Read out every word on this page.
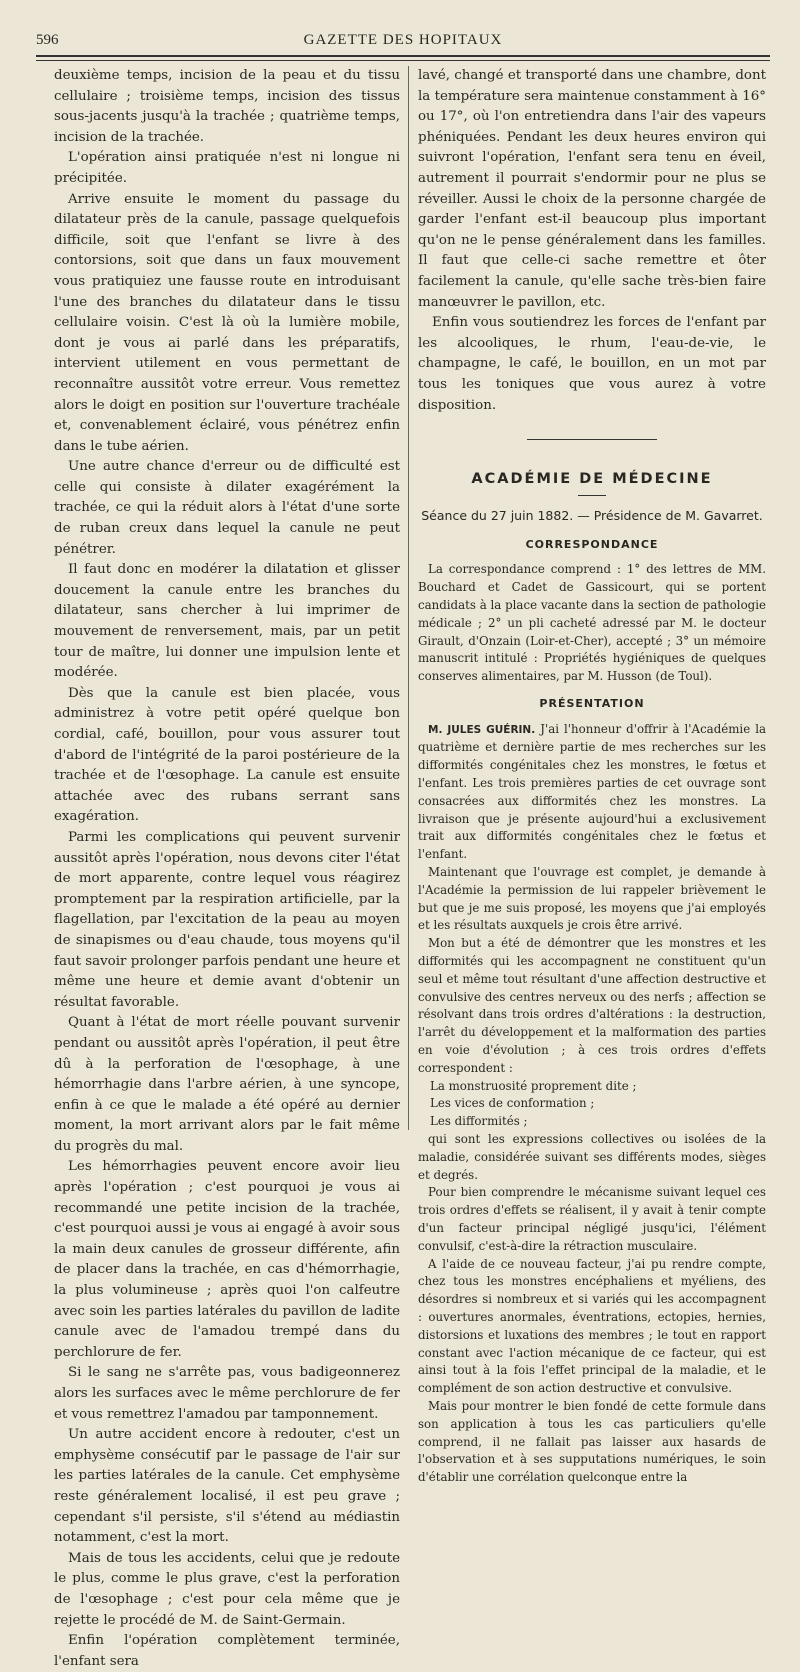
596	GAZETTE DES HOPITAUX

deuxième temps, incision de la peau et du tissu cellulaire ; troisième temps, incision des tissus sous-jacents jusqu'à la trachée ; quatrième temps, incision de la trachée.

L'opération ainsi pratiquée n'est ni longue ni précipitée.

Arrive ensuite le moment du passage du dilatateur près de la canule, passage quelquefois difficile, soit que l'enfant se livre à des contorsions, soit que dans un faux mouvement vous pratiquiez une fausse route en introduisant l'une des branches du dilatateur dans le tissu cellulaire voisin. C'est là où la lumière mobile, dont je vous ai parlé dans les préparatifs, intervient utilement en vous permettant de reconnaître aussitôt votre erreur. Vous remettez alors le doigt en position sur l'ouverture trachéale et, convenablement éclairé, vous pénétrez enfin dans le tube aérien.

Une autre chance d'erreur ou de difficulté est celle qui consiste à dilater exagérément la trachée, ce qui la réduit alors à l'état d'une sorte de ruban creux dans lequel la canule ne peut pénétrer.

Il faut donc en modérer la dilatation et glisser doucement la canule entre les branches du dilatateur, sans chercher à lui imprimer de mouvement de renversement, mais, par un petit tour de maître, lui donner une impulsion lente et modérée.

Dès que la canule est bien placée, vous administrez à votre petit opéré quelque bon cordial, café, bouillon, pour vous assurer tout d'abord de l'intégrité de la paroi postérieure de la trachée et de l'œsophage. La canule est ensuite attachée avec des rubans serrant sans exagération.

Parmi les complications qui peuvent survenir aussitôt après l'opération, nous devons citer l'état de mort apparente, contre lequel vous réagirez promptement par la respiration artificielle, par la flagellation, par l'excitation de la peau au moyen de sinapismes ou d'eau chaude, tous moyens qu'il faut savoir prolonger parfois pendant une heure et même une heure et demie avant d'obtenir un résultat favorable.

Quant à l'état de mort réelle pouvant survenir pendant ou aussitôt après l'opération, il peut être dû à la perforation de l'œsophage, à une hémorrhagie dans l'arbre aérien, à une syncope, enfin à ce que le malade a été opéré au dernier moment, la mort arrivant alors par le fait même du progrès du mal.

Les hémorrhagies peuvent encore avoir lieu après l'opération ; c'est pourquoi je vous ai recommandé une petite incision de la trachée, c'est pourquoi aussi je vous ai engagé à avoir sous la main deux canules de grosseur différente, afin de placer dans la trachée, en cas d'hémorrhagie, la plus volumineuse ; après quoi l'on calfeutre avec soin les parties latérales du pavillon de ladite canule avec de l'amadou trempé dans du perchlorure de fer.

Si le sang ne s'arrête pas, vous badigeonnerez alors les surfaces avec le même perchlorure de fer et vous remettrez l'amadou par tamponnement.

Un autre accident encore à redouter, c'est un emphysème consécutif par le passage de l'air sur les parties latérales de la canule. Cet emphysème reste généralement localisé, il est peu grave ; cependant s'il persiste, s'il s'étend au médiastin notamment, c'est la mort.

Mais de tous les accidents, celui que je redoute le plus, comme le plus grave, c'est la perforation de l'œsophage ; c'est pour cela même que je rejette le procédé de M. de Saint-Germain.

Enfin l'opération complètement terminée, l'enfant sera

lavé, changé et transporté dans une chambre, dont la température sera maintenue constamment à 16° ou 17°, où l'on entretiendra dans l'air des vapeurs phéniquées. Pendant les deux heures environ qui suivront l'opération, l'enfant sera tenu en éveil, autrement il pourrait s'endormir pour ne plus se réveiller. Aussi le choix de la personne chargée de garder l'enfant est-il beaucoup plus important qu'on ne le pense généralement dans les familles. Il faut que celle-ci sache remettre et ôter facilement la canule, qu'elle sache très-bien faire manœuvrer le pavillon, etc.

Enfin vous soutiendrez les forces de l'enfant par les alcooliques, le rhum, l'eau-de-vie, le champagne, le café, le bouillon, en un mot par tous les toniques que vous aurez à votre disposition.

ACADÉMIE DE MÉDECINE
Séance du 27 juin 1882. — Présidence de M. Gavarret.
CORRESPONDANCE

La correspondance comprend : 1° des lettres de MM. Bouchard et Cadet de Gassicourt, qui se portent candidats à la place vacante dans la section de pathologie médicale ; 2° un pli cacheté adressé par M. le docteur Girault, d'Onzain (Loir-et-Cher), accepté ; 3° un mémoire manuscrit intitulé : Propriétés hygiéniques de quelques conserves alimentaires, par M. Husson (de Toul).

PRÉSENTATION

M. JULES GUÉRIN. J'ai l'honneur d'offrir à l'Académie la quatrième et dernière partie de mes recherches sur les difformités congénitales chez les monstres, le fœtus et l'enfant. Les trois premières parties de cet ouvrage sont consacrées aux difformités chez les monstres. La livraison que je présente aujourd'hui a exclusivement trait aux difformités congénitales chez le fœtus et l'enfant.

Maintenant que l'ouvrage est complet, je demande à l'Académie la permission de lui rappeler brièvement le but que je me suis proposé, les moyens que j'ai employés et les résultats auxquels je crois être arrivé.

Mon but a été de démontrer que les monstres et les difformités qui les accompagnent ne constituent qu'un seul et même tout résultant d'une affection destructive et convulsive des centres nerveux ou des nerfs ; affection se résolvant dans trois ordres d'altérations : la destruction, l'arrêt du développement et la malformation des parties en voie d'évolution ; à ces trois ordres d'effets correspondent :

La monstruosité proprement dite ;

Les vices de conformation ;

Les difformités ;

qui sont les expressions collectives ou isolées de la maladie, considérée suivant ses différents modes, sièges et degrés.

Pour bien comprendre le mécanisme suivant lequel ces trois ordres d'effets se réalisent, il y avait à tenir compte d'un facteur principal négligé jusqu'ici, l'élément convulsif, c'est-à-dire la rétraction musculaire.

A l'aide de ce nouveau facteur, j'ai pu rendre compte, chez tous les monstres encéphaliens et myéliens, des désordres si nombreux et si variés qui les accompagnent : ouvertures anormales, éventrations, ectopies, hernies, distorsions et luxations des membres ; le tout en rapport constant avec l'action mécanique de ce facteur, qui est ainsi tout à la fois l'effet principal de la maladie, et le complément de son action destructive et convulsive.

Mais pour montrer le bien fondé de cette formule dans son application à tous les cas particuliers qu'elle comprend, il ne fallait pas laisser aux hasards de l'observation et à ses supputations numériques, le soin d'établir une corrélation quelconque entre la
